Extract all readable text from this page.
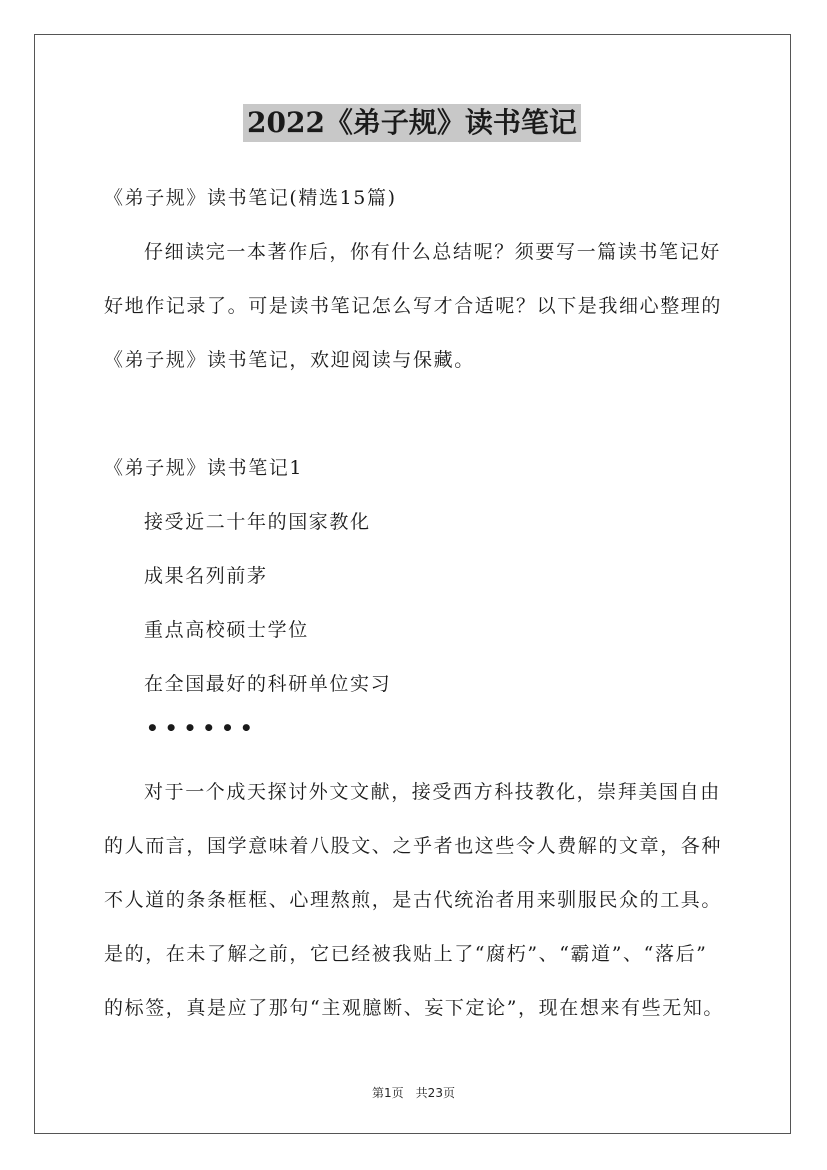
2022《弟子规》读书笔记
《弟子规》读书笔记(精选15篇)
仔细读完一本著作后，你有什么总结呢？须要写一篇读书笔记好
好地作记录了。可是读书笔记怎么写才合适呢？以下是我细心整理的
《弟子规》读书笔记，欢迎阅读与保藏。
《弟子规》读书笔记1
接受近二十年的国家教化
成果名列前茅
重点高校硕士学位
在全国最好的科研单位实习
••••••
对于一个成天探讨外文文献，接受西方科技教化，崇拜美国自由
的人而言，国学意味着八股文、之乎者也这些令人费解的文章，各种
不人道的条条框框、心理熬煎，是古代统治者用来驯服民众的工具。
是的，在未了解之前，它已经被我贴上了“腐朽”、“霸道”、“落后”
的标签，真是应了那句“主观臆断、妄下定论”，现在想来有些无知。
第1页　共23页
